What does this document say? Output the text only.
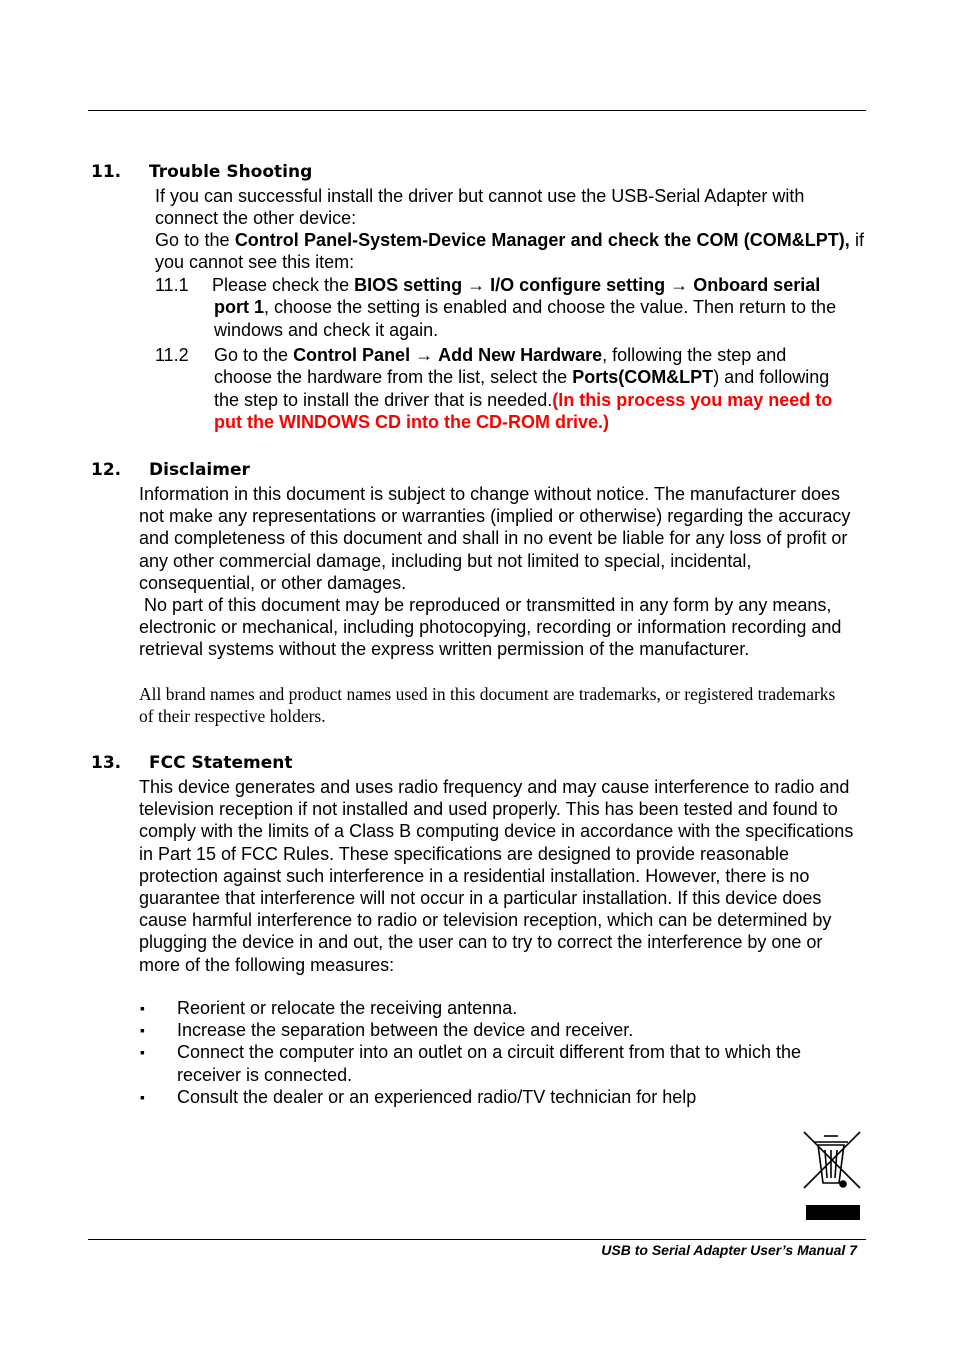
11. Trouble Shooting

If you can successful install the driver but cannot use the USB-Serial Adapter with connect the other device:

Go to the Control Panel-System-Device Manager and check the COM (COM&LPT), if you cannot see this item:

11.1 Please check the BIOS setting → I/O configure setting → Onboard serial port 1, choose the setting is enabled and choose the value. Then return to the windows and check it again.
11.2 Go to the Control Panel → Add New Hardware, following the step and choose the hardware from the list, select the Ports(COM&LPT) and following the step to install the driver that is needed.(In this process you may need to put the WINDOWS CD into the CD-ROM drive.)
12. Disclaimer

Information in this document is subject to change without notice. The manufacturer does not make any representations or warranties (implied or otherwise) regarding the accuracy and completeness of this document and shall in no event be liable for any loss of profit or any other commercial damage, including but not limited to special, incidental, consequential, or other damages.

No part of this document may be reproduced or transmitted in any form by any means, electronic or mechanical, including photocopying, recording or information recording and retrieval systems without the express written permission of the manufacturer.

All brand names and product names used in this document are trademarks, or registered trademarks of their respective holders.

13. FCC Statement

This device generates and uses radio frequency and may cause interference to radio and television reception if not installed and used properly. This has been tested and found to comply with the limits of a Class B computing device in accordance with the specifications in Part 15 of FCC Rules. These specifications are designed to provide reasonable protection against such interference in a residential installation. However, there is no guarantee that interference will not occur in a particular installation. If this device does cause harmful interference to radio or television reception, which can be determined by plugging the device in and out, the user can to try to correct the interference by one or more of the following measures:

▪ Reorient or relocate the receiving antenna.
▪ Increase the separation between the device and receiver.
▪ Connect the computer into an outlet on a circuit different from that to which the receiver is connected.
▪ Consult the dealer or an experienced radio/TV technician for help
USB to Serial Adapter User’s Manual 7
